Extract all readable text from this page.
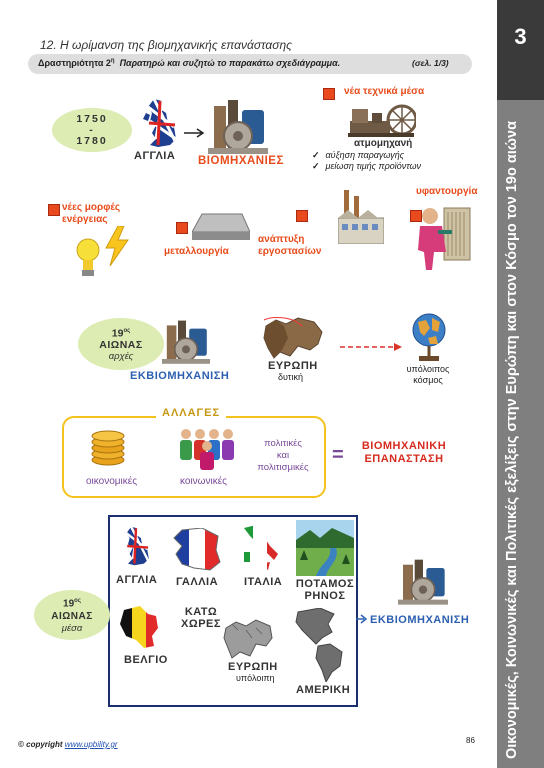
3
Οικονομικές, Κοινωνικές και Πολιτικές εξελίξεις στην Ευρώπη και στον Κόσμο τον 19ο αιώνα
12. Η ωρίμανση της βιομηχανικής επανάστασης
Δραστηριότητα $2^\eta$ Παρατηρώ και συζητώ το παρακάτω σχεδιάγραμμα.	(σελ. 1/3)
1750
-
1780
ΑΓΓΛΙΑ ΒΙΟΜΗΧΑΝΙΕΣ
νέα τεχνικά μέσα
ατμομηχανή
✓ αύξηση παραγωγής
✓ μείωση τιμής προϊόντων
νέες μορφές ενέργειας
μεταλλουργία
ανάπτυξη εργοστασίων
υφαντουργία
$19^{o\varsigma}$
ΑΙΩΝΑΣ
αρχές
ΕΚΒΙΟΜΗΧΑΝΙΣΗ
ΕΥΡΩΠΗ
δυτική
υπόλοιπος
κόσμος
ΑΛΛΑΓΕΣ
οικονομικές	κοινωνικές
πολιτικές
και
πολιτισμικές
=	ΒΙΟΜΗΧΑΝΙΚΗ
ΕΠΑΝΑΣΤΑΣΗ
$19^{o\varsigma}$
ΑΙΩΝΑΣ
μέσα
ΑΓΓΛΙΑ ΓΑΛΛΙΑ ΙΤΑΛΙΑ ΠΟΤΑΜΟΣ
ΡΗΝΟΣ
ΒΕΛΓΙΟ
ΚΑΤΩ
ΧΩΡΕΣ
ΕΥΡΩΠΗ
υπόλοιπη
ΑΜΕΡΙΚΗ
ΕΚΒΙΟΜΗΧΑΝΙΣΗ
© copyright www.upbility.gr	86
